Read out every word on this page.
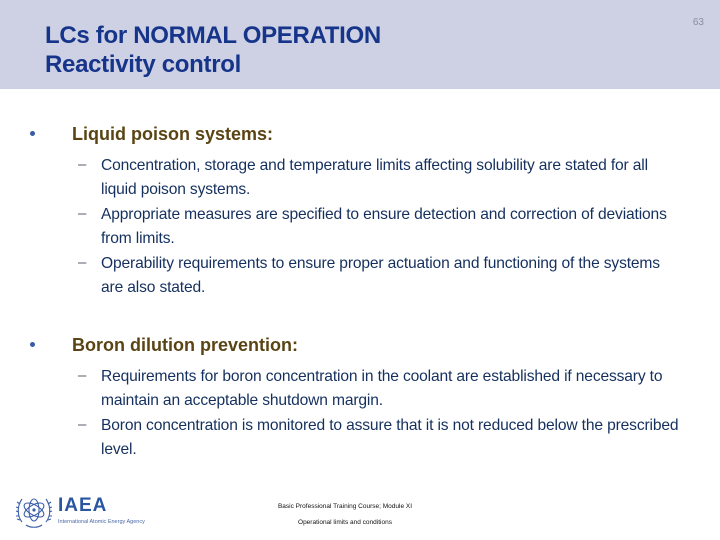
LCs for NORMAL OPERATION
Reactivity control
63
Liquid poison systems:
– Concentration, storage and temperature limits affecting solubility are stated for all liquid poison systems.
– Appropriate measures are specified to ensure detection and correction of deviations from limits.
– Operability requirements to ensure proper actuation and functioning of the systems are also stated.
Boron dilution prevention:
– Requirements for boron concentration in the coolant are established if necessary to maintain an acceptable shutdown margin.
– Boron concentration is monitored to assure that it is not reduced below the prescribed level.
IAEA
International Atomic Energy Agency
Basic Professional Training Course; Module XI
Operational limits and conditions
